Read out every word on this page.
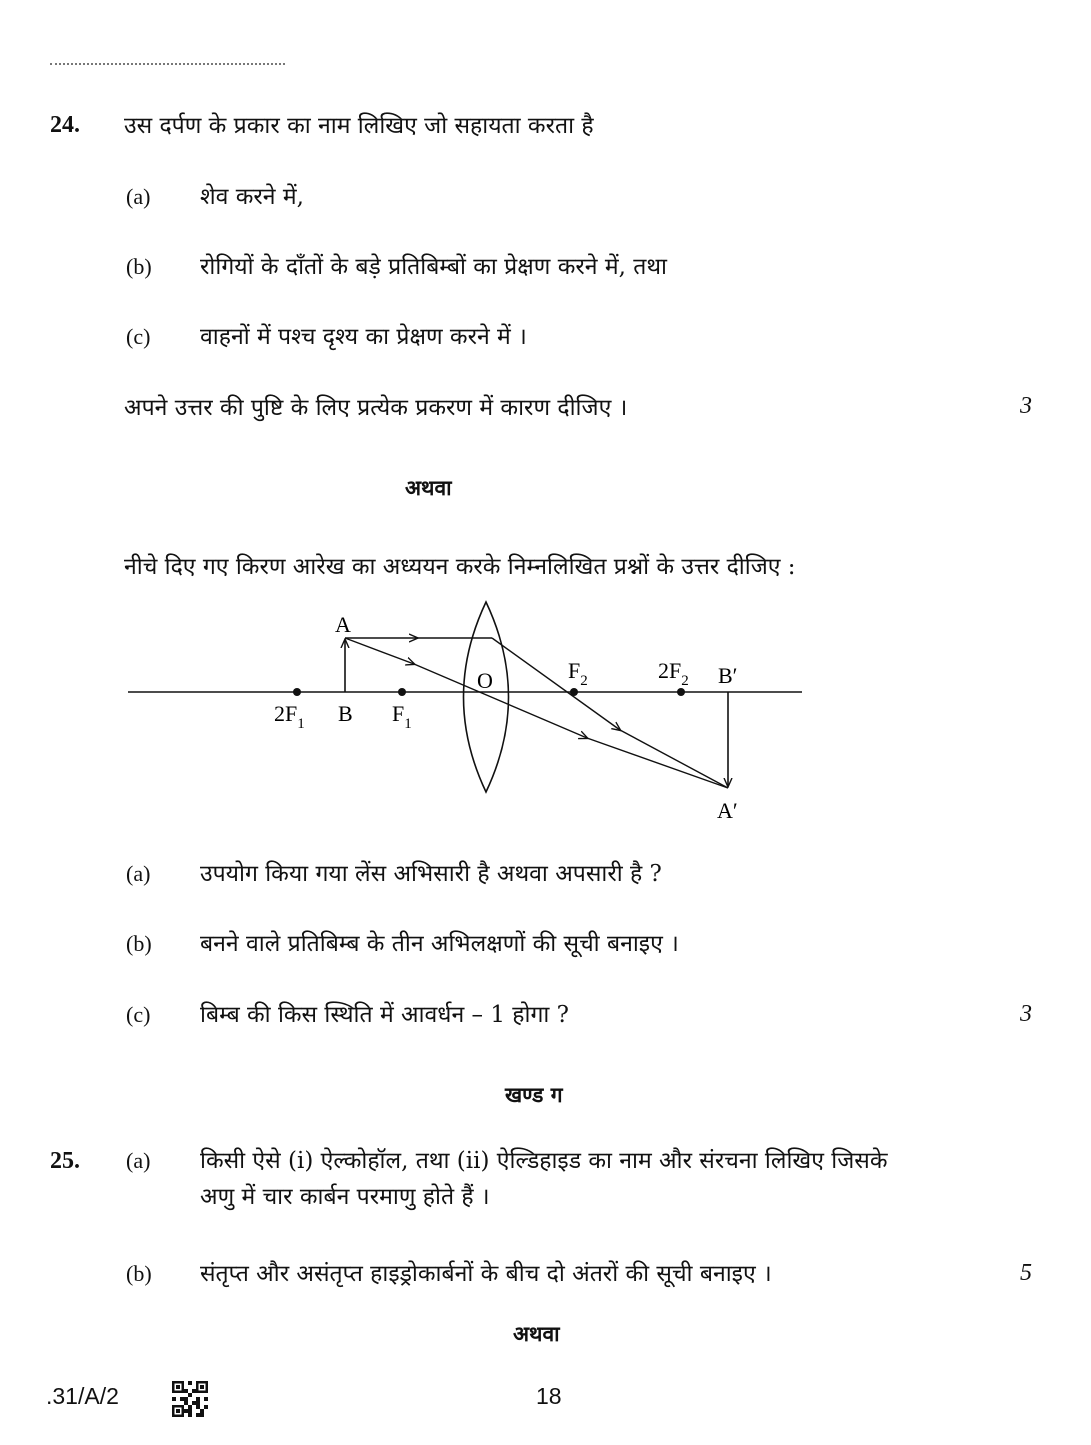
24. उस दर्पण के प्रकार का नाम लिखिए जो सहायता करता है
(a) शेव करने में,
(b) रोगियों के दाँतों के बड़े प्रतिबिम्बों का प्रेक्षण करने में, तथा
(c) वाहनों में पश्च दृश्य का प्रेक्षण करने में ।
अपने उत्तर की पुष्टि के लिए प्रत्येक प्रकरण में कारण दीजिए ।	3
अथवा
नीचे दिए गए किरण आरेख का अध्ययन करके निम्नलिखित प्रश्नों के उत्तर दीजिए :
A
B
O
$2F_1$	$F_1$
$F_2$	$2F_2$ B′
A′
(a) उपयोग किया गया लेंस अभिसारी है अथवा अपसारी है ?
(b) बनने वाले प्रतिबिम्ब के तीन अभिलक्षणों की सूची बनाइए ।
(c) बिम्ब की किस स्थिति में आवर्धन – 1 होगा ?	3
खण्ड ग
25. (a) किसी ऐसे (i) ऐल्कोहॉल, तथा (ii) ऐल्डिहाइड का नाम और संरचना लिखिए जिसके
अणु में चार कार्बन परमाणु होते हैं ।
(b) संतृप्त और असंतृप्त हाइड्रोकार्बनों के बीच दो अंतरों की सूची बनाइए ।	5
अथवा
.31/A/2	18
